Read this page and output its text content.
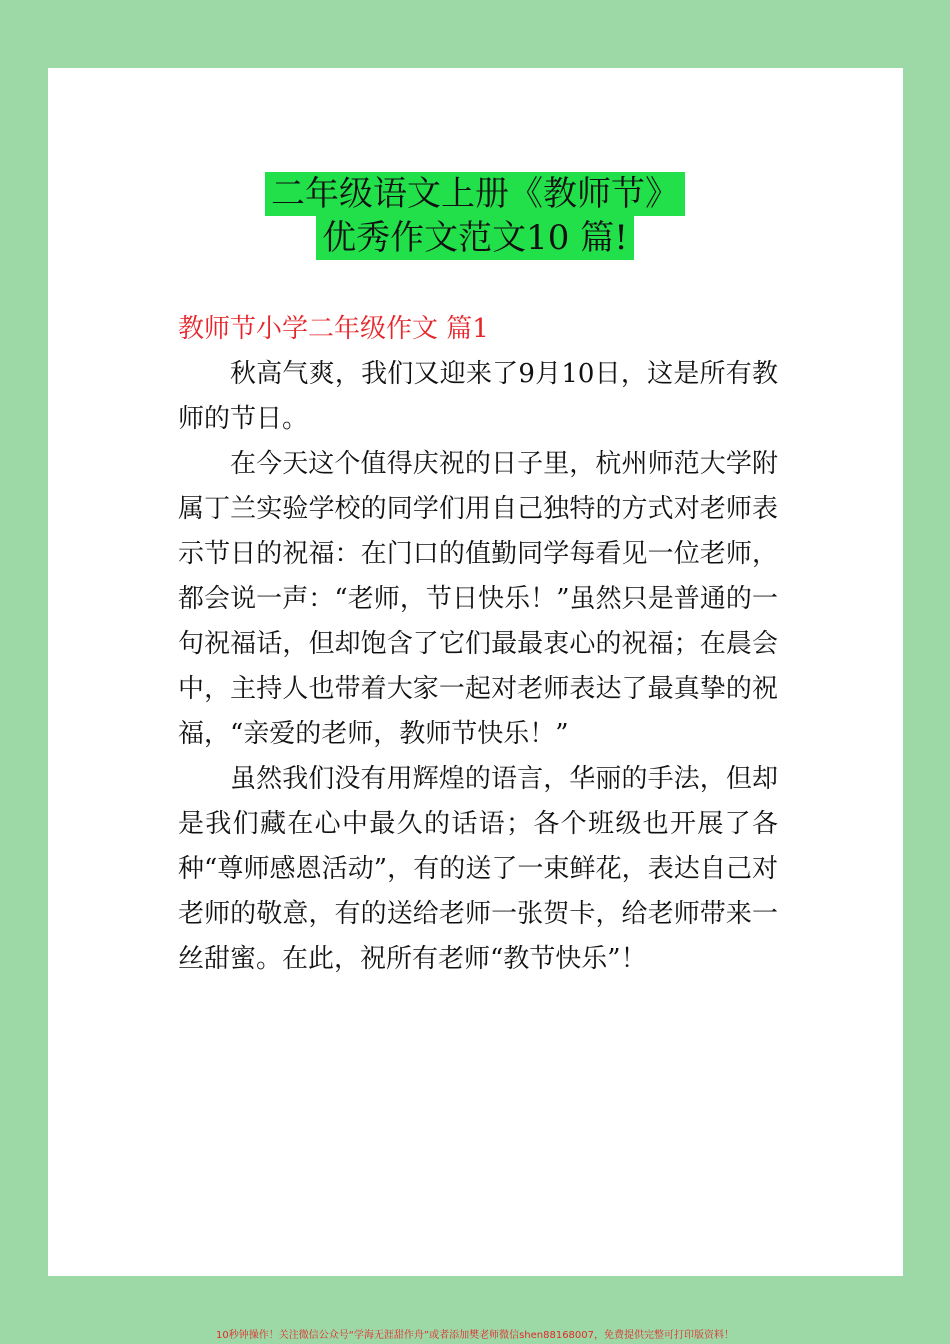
二年级语文上册《教师节》
优秀作文范文10 篇!

教师节小学二年级作文 篇1

秋高气爽，我们又迎来了9月10日，这是所有教师的节日。

在今天这个值得庆祝的日子里，杭州师范大学附属丁兰实验学校的同学们用自己独特的方式对老师表示节日的祝福：在门口的值勤同学每看见一位老师，都会说一声：“老师，节日快乐！”虽然只是普通的一句祝福话，但却饱含了它们最最衷心的祝福；在晨会中，主持人也带着大家一起对老师表达了最真挚的祝福，“亲爱的老师，教师节快乐！”

虽然我们没有用辉煌的语言，华丽的手法，但却是我们藏在心中最久的话语；各个班级也开展了各种“尊师感恩活动”，有的送了一束鲜花，表达自己对老师的敬意，有的送给老师一张贺卡，给老师带来一丝甜蜜。在此，祝所有老师“教节快乐”！

10秒钟操作！关注微信公众号“学海无涯甜作舟”或者添加樊老师微信shen88168007，免费提供完整可打印版资料！
